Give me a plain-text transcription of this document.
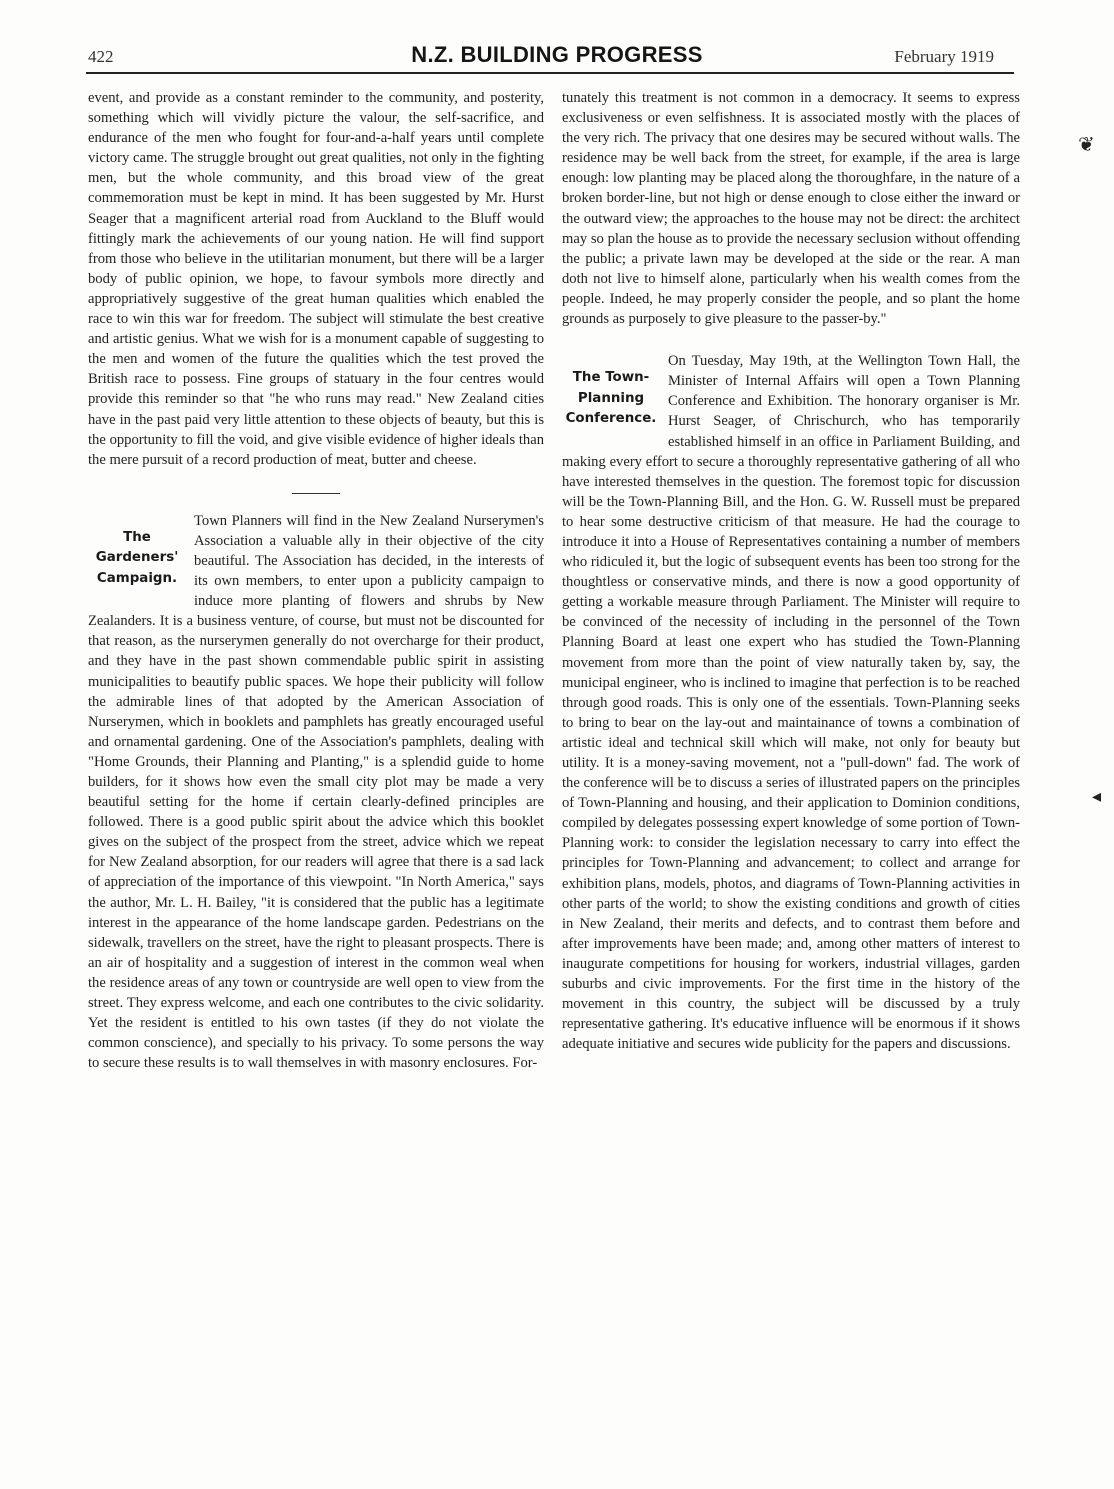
422	N.Z. BUILDING PROGRESS	February 1919

event, and provide as a constant reminder to the community, and posterity, something which will vividly picture the valour, the self-sacrifice, and endurance of the men who fought for four-and-a-half years until complete victory came. The struggle brought out great qualities, not only in the fighting men, but the whole community, and this broad view of the great commemoration must be kept in mind. It has been suggested by Mr. Hurst Seager that a magnificent arterial road from Auckland to the Bluff would fittingly mark the achievements of our young nation. He will find support from those who believe in the utilitarian monument, but there will be a larger body of public opinion, we hope, to favour symbols more directly and appropriatively suggestive of the great human qualities which enabled the race to win this war for freedom. The subject will stimulate the best creative and artistic genius. What we wish for is a monument capable of suggesting to the men and women of the future the qualities which the test proved the British race to possess. Fine groups of statuary in the four centres would provide this reminder so that "he who runs may read." New Zealand cities have in the past paid very little attention to these objects of beauty, but this is the opportunity to fill the void, and give visible evidence of higher ideals than the mere pursuit of a record production of meat, butter and cheese.

The
Gardeners'
Campaign.

Town Planners will find in the New Zealand Nurserymen's Association a valuable ally in their objective of the city beautiful. The Association has decided, in the interests of its own members, to enter upon a publicity campaign to induce more planting of flowers and shrubs by New Zealanders. It is a business venture, of course, but must not be discounted for that reason, as the nurserymen generally do not overcharge for their product, and they have in the past shown commendable public spirit in assisting municipalities to beautify public spaces. We hope their publicity will follow the admirable lines of that adopted by the American Association of Nurserymen, which in booklets and pamphlets has greatly encouraged useful and ornamental gardening. One of the Association's pamphlets, dealing with "Home Grounds, their Planning and Planting," is a splendid guide to home builders, for it shows how even the small city plot may be made a very beautiful setting for the home if certain clearly-defined principles are followed. There is a good public spirit about the advice which this booklet gives on the subject of the prospect from the street, advice which we repeat for New Zealand absorption, for our readers will agree that there is a sad lack of appreciation of the importance of this viewpoint. "In North America," says the author, Mr. L. H. Bailey, "it is considered that the public has a legitimate interest in the appearance of the home landscape garden. Pedestrians on the sidewalk, travellers on the street, have the right to pleasant prospects. There is an air of hospitality and a suggestion of interest in the common weal when the residence areas of any town or countryside are well open to view from the street. They express welcome, and each one contributes to the civic solidarity. Yet the resident is entitled to his own tastes (if they do not violate the common conscience), and specially to his privacy. To some persons the way to secure these results is to wall themselves in with masonry enclosures. For-

tunately this treatment is not common in a democracy. It seems to express exclusiveness or even selfishness. It is associated mostly with the places of the very rich. The privacy that one desires may be secured without walls. The residence may be well back from the street, for example, if the area is large enough: low planting may be placed along the thoroughfare, in the nature of a broken border-line, but not high or dense enough to close either the inward or the outward view; the approaches to the house may not be direct: the architect may so plan the house as to provide the necessary seclusion without offending the public; a private lawn may be developed at the side or the rear. A man doth not live to himself alone, particularly when his wealth comes from the people. Indeed, he may properly consider the people, and so plant the home grounds as purposely to give pleasure to the passer-by."

The Town-
Planning
Conference.

On Tuesday, May 19th, at the Wellington Town Hall, the Minister of Internal Affairs will open a Town Planning Conference and Exhibition. The honorary organiser is Mr. Hurst Seager, of Chrischurch, who has temporarily established himself in an office in Parliament Building, and making every effort to secure a thoroughly representative gathering of all who have interested themselves in the question. The foremost topic for discussion will be the Town-Planning Bill, and the Hon. G. W. Russell must be prepared to hear some destructive criticism of that measure. He had the courage to introduce it into a House of Representatives containing a number of members who ridiculed it, but the logic of subsequent events has been too strong for the thoughtless or conservative minds, and there is now a good opportunity of getting a workable measure through Parliament. The Minister will require to be convinced of the necessity of including in the personnel of the Town Planning Board at least one expert who has studied the Town-Planning movement from more than the point of view naturally taken by, say, the municipal engineer, who is inclined to imagine that perfection is to be reached through good roads. This is only one of the essentials. Town-Planning seeks to bring to bear on the lay-out and maintainance of towns a combination of artistic ideal and technical skill which will make, not only for beauty but utility. It is a money-saving movement, not a "pull-down" fad. The work of the conference will be to discuss a series of illustrated papers on the principles of Town-Planning and housing, and their application to Dominion conditions, compiled by delegates possessing expert knowledge of some portion of Town-Planning work: to consider the legislation necessary to carry into effect the principles for Town-Planning and advancement; to collect and arrange for exhibition plans, models, photos, and diagrams of Town-Planning activities in other parts of the world; to show the existing conditions and growth of cities in New Zealand, their merits and defects, and to contrast them before and after improvements have been made; and, among other matters of interest to inaugurate competitions for housing for workers, industrial villages, garden suburbs and civic improvements. For the first time in the history of the movement in this country, the subject will be discussed by a truly representative gathering. It's educative influence will be enormous if it shows adequate initiative and secures wide publicity for the papers and discussions.

❦
◂
